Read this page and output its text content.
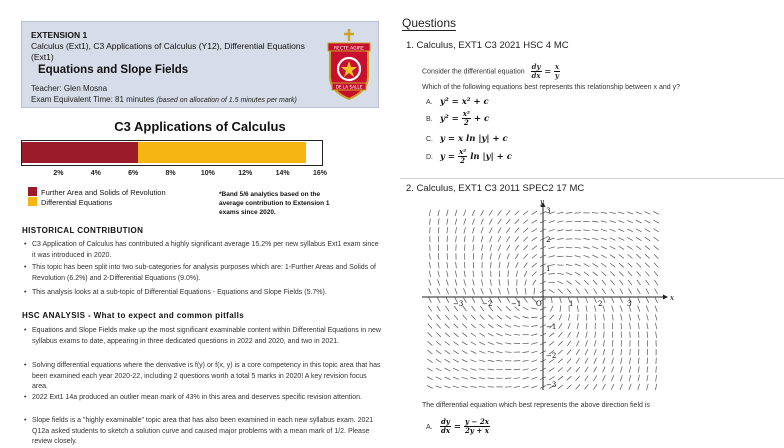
EXTENSION 1
Calculus (Ext1), C3 Applications of Calculus (Y12), Differential Equations (Ext1)
Equations and Slope Fields
Teacher: Glen Mosna
Exam Equivalent Time: 81 minutes (based on allocation of 1.5 minutes per mark)
RECTE AGIRE
DE LA SALLE
C3 Applications of Calculus
2%	4%	6%	8%	10%	12%	14%	16%
Further Area and Solids of Revolution
Differential Equations
*Band 5/6 analytics based on the average contribution to Extension 1 exams since 2020.
HISTORICAL CONTRIBUTION
• C3 Application of Calculus has contributed a highly significant average 15.2% per new syllabus Ext1 exam since it was introduced in 2020.
• This topic has been split into two sub-categories for analysis purposes which are: 1-Further Areas and Solids of Revolution (6.2%) and 2-Differential Equations (9.0%).
• This analysis looks at a sub-topic of Differential Equations - Equations and Slope Fields (5.7%).
HSC ANALYSIS - What to expect and common pitfalls
• Equations and Slope Fields make up the most significant examinable content within Differential Equations in new syllabus exams to date, appearing in three dedicated questions in 2022 and 2020, and two in 2021.
• Solving differential equations where the derivative is f(y) or f(x, y) is a core competency in this topic area that has been examined each year 2020-22, including 2 questions worth a total 5 marks in 2020! A key revision focus area.
• 2022 Ext1 14a produced an outlier mean mark of 43% in this area and deserves specific revision attention.
• Slope fields is a "highly examinable" topic area that has also been examined in each new syllabus exam. 2021 Q12a asked students to sketch a solution curve and caused major problems with a mean mark of 1/2. Please review closely.
Questions
1. Calculus, EXT1 C3 2021 HSC 4 MC
Consider the differential equation $\frac{dy}{dx} = \frac{x}{y}$
Which of the following equations best represents this relationship between x and y?
A. y² = x² + c
B. $y^2 = \frac{\text{x²}}{2} + c$
C. y = x ln |y| + c
D. $y = \frac{\text{x²}}{2}$ ln |y| + c
2. Calculus, EXT1 C3 2011 SPEC2 17 MC
x
y
−3	−2	−1 O	1	2	3
3
2
1
−1
−2
−3
The differential equation which best represents the above direction field is
A. $\frac{dy}{dx} = \frac{y - 2x}{2y + x}$
